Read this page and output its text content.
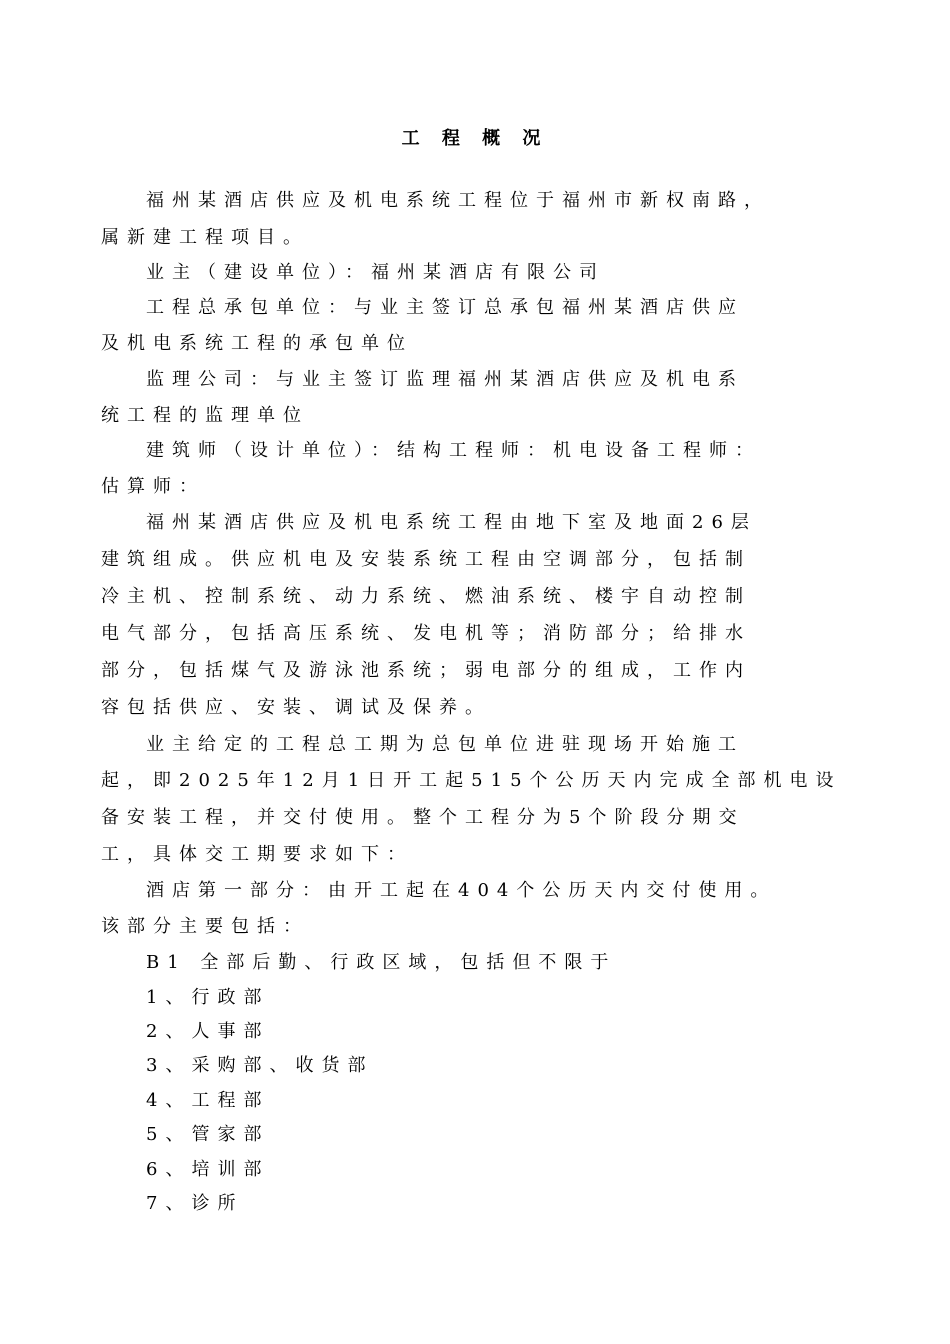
工 程 概 况
福州某酒店供应及机电系统工程位于福州市新权南路，
属新建工程项目。
业主（建设单位）：福州某酒店有限公司
工程总承包单位：与业主签订总承包福州某酒店供应
及机电系统工程的承包单位
监理公司：与业主签订监理福州某酒店供应及机电系
统工程的监理单位
建筑师（设计单位）：结构工程师：机电设备工程师：
估算师：
福州某酒店供应及机电系统工程由地下室及地面26层
建筑组成。供应机电及安装系统工程由空调部分，包括制
冷主机、控制系统、动力系统、燃油系统、楼宇自动控制
电气部分，包括高压系统、发电机等；消防部分；给排水
部分，包括煤气及游泳池系统；弱电部分的组成，工作内
容包括供应、安装、调试及保养。
业主给定的工程总工期为总包单位进驻现场开始施工
起，即2025年12月1日开工起515个公历天内完成全部机电设
备安装工程，并交付使用。整个工程分为5个阶段分期交
工，具体交工期要求如下：
酒店第一部分：由开工起在404个公历天内交付使用。
该部分主要包括：
B1 全部后勤、行政区域，包括但不限于
1、行政部
2、人事部
3、采购部、收货部
4、工程部
5、管家部
6、培训部
7、诊所
